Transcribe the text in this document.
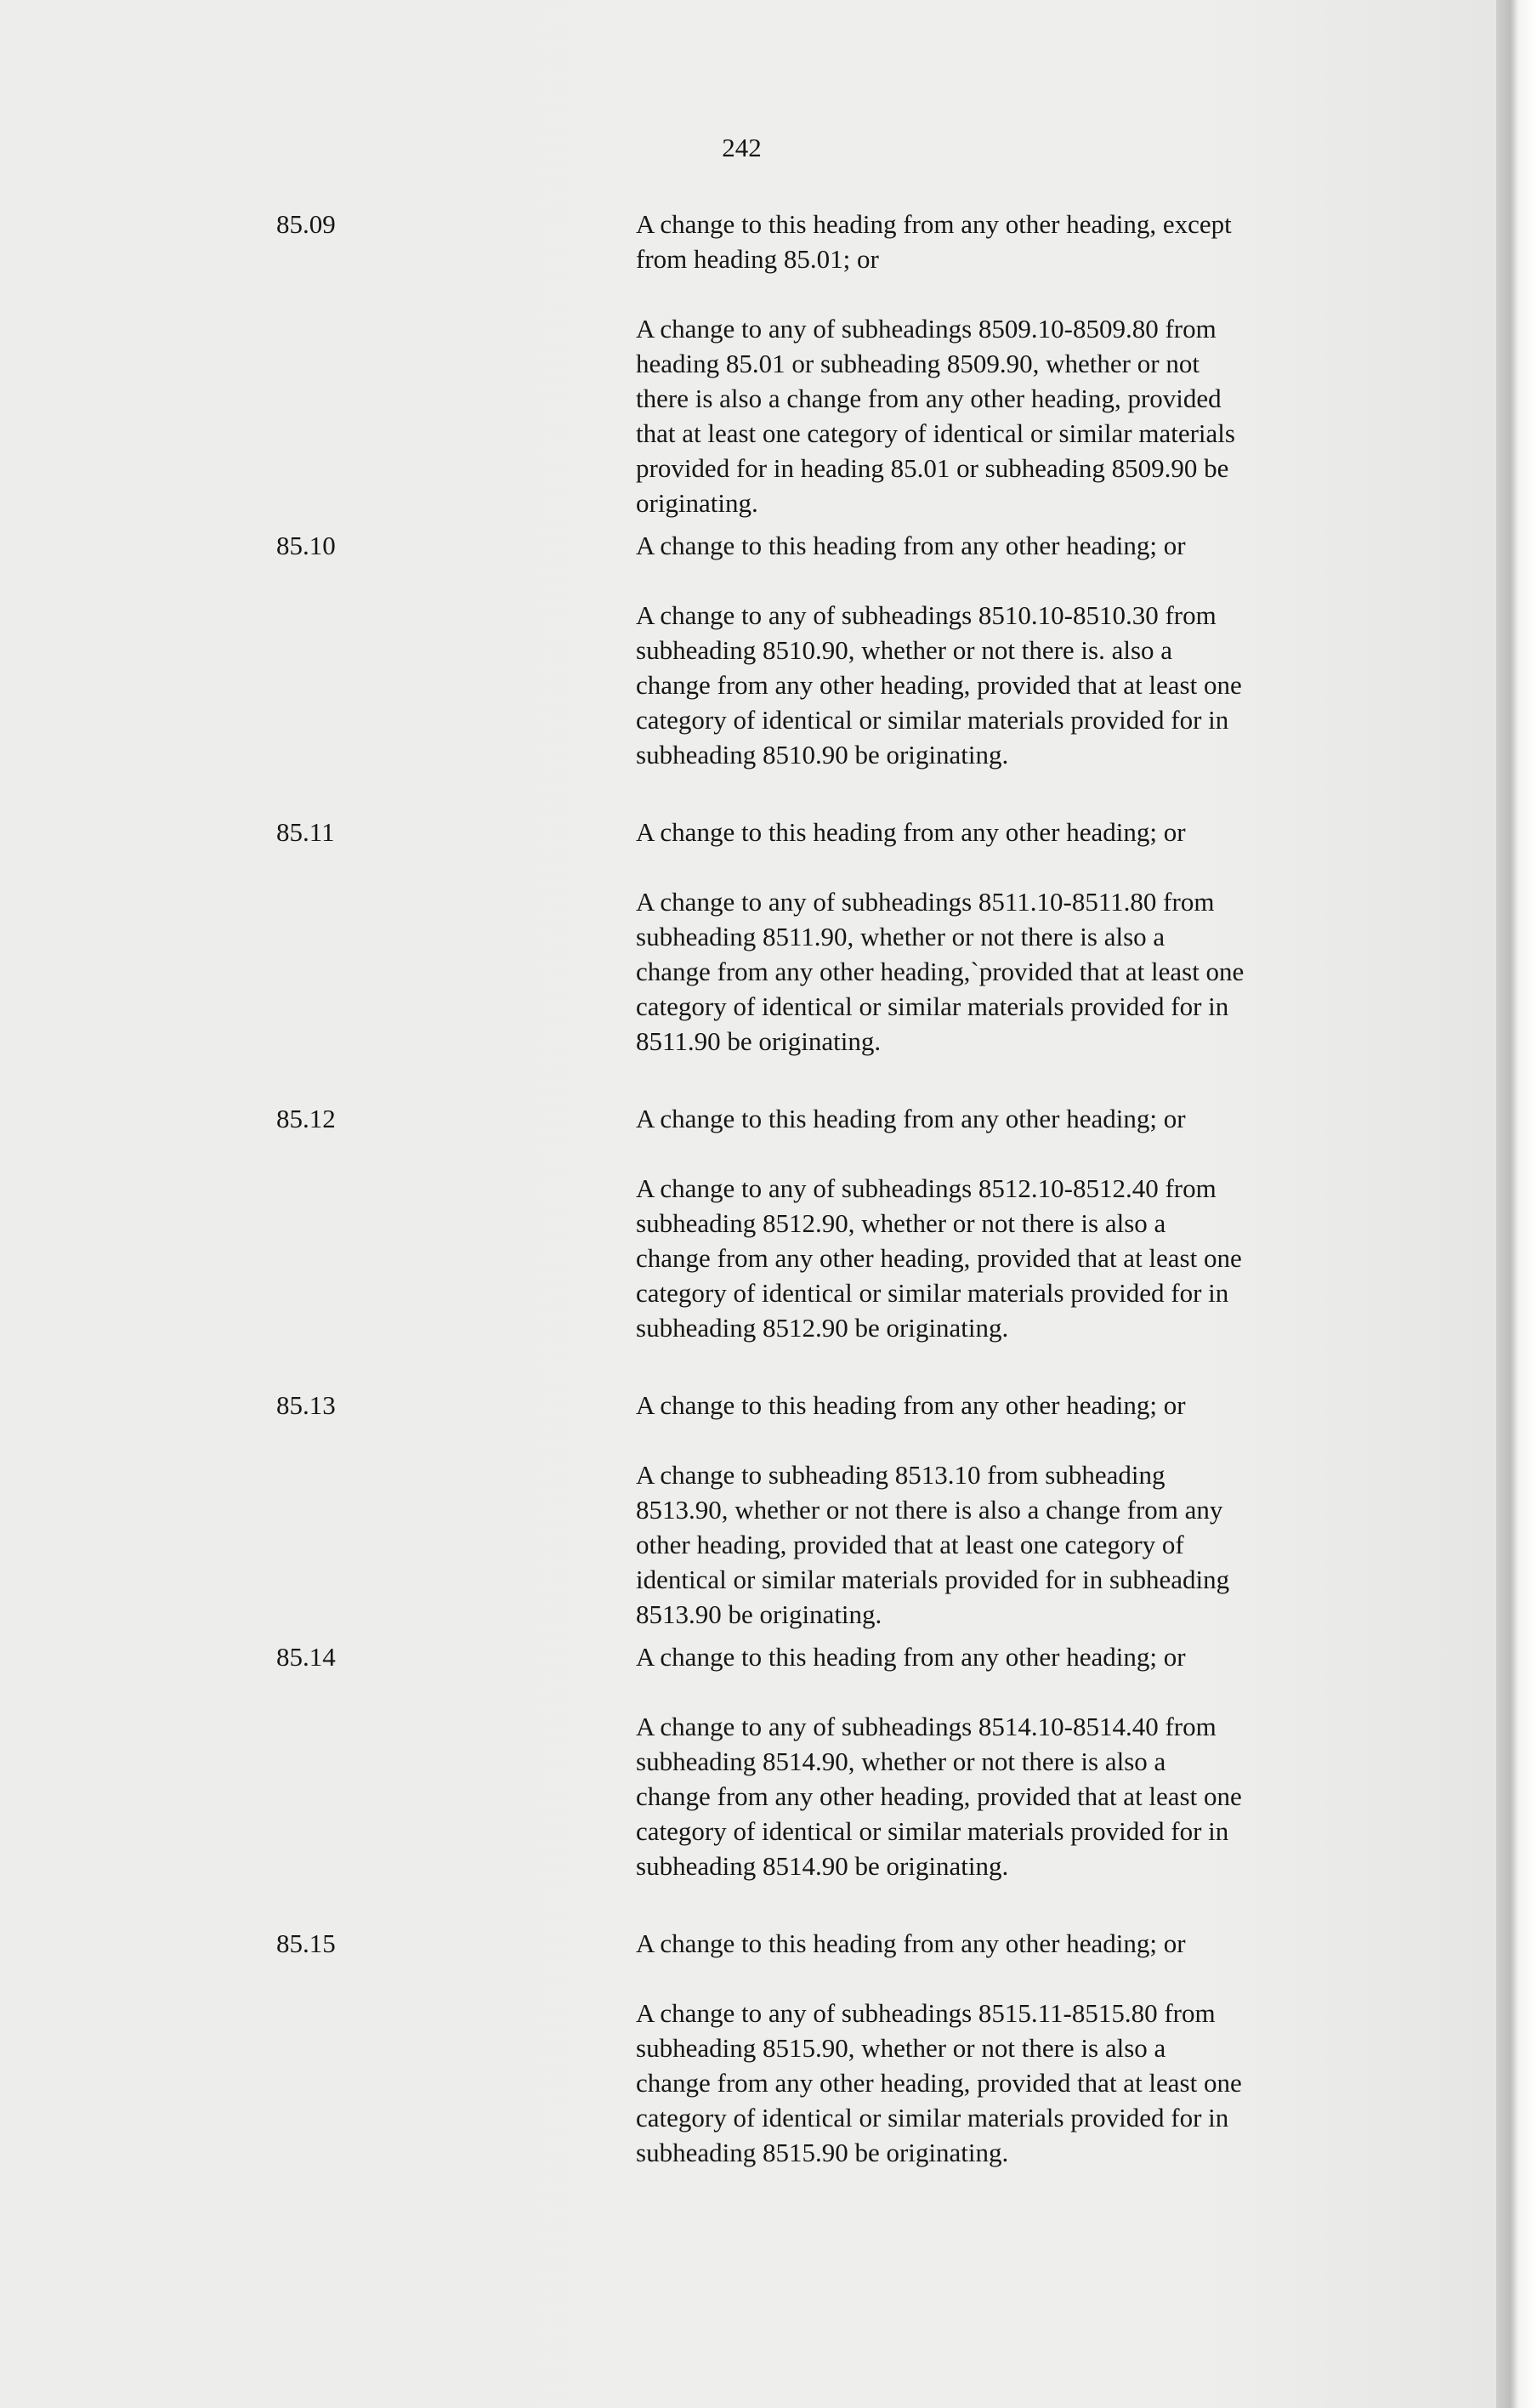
242
85.09	A change to this heading from any other heading, except
from heading 85.01; or

A change to any of subheadings 8509.10-8509.80 from
heading 85.01 or subheading 8509.90, whether or not
there is also a change from any other heading, provided
that at least one category of identical or similar materials
provided for in heading 85.01 or subheading 8509.90 be
originating.

85.10	A change to this heading from any other heading; or

A change to any of subheadings 8510.10-8510.30 from
subheading 8510.90, whether or not there is. also a
change from any other heading, provided that at least one
category of identical or similar materials provided for in
subheading 8510.90 be originating.

85.11	A change to this heading from any other heading; or

A change to any of subheadings 8511.10-8511.80 from
subheading 8511.90, whether or not there is also a
change from any other heading,`provided that at least one
category of identical or similar materials provided for in
8511.90 be originating.

85.12	A change to this heading from any other heading; or

A change to any of subheadings 8512.10-8512.40 from
subheading 8512.90, whether or not there is also a
change from any other heading, provided that at least one
category of identical or similar materials provided for in
subheading 8512.90 be originating.

85.13	A change to this heading from any other heading; or

A change to subheading 8513.10 from subheading
8513.90, whether or not there is also a change from any
other heading, provided that at least one category of
identical or similar materials provided for in subheading
8513.90 be originating.

85.14	A change to this heading from any other heading; or

A change to any of subheadings 8514.10-8514.40 from
subheading 8514.90, whether or not there is also a
change from any other heading, provided that at least one
category of identical or similar materials provided for in
subheading 8514.90 be originating.

85.15	A change to this heading from any other heading; or

A change to any of subheadings 8515.11-8515.80 from
subheading 8515.90, whether or not there is also a
change from any other heading, provided that at least one
category of identical or similar materials provided for in
subheading 8515.90 be originating.
